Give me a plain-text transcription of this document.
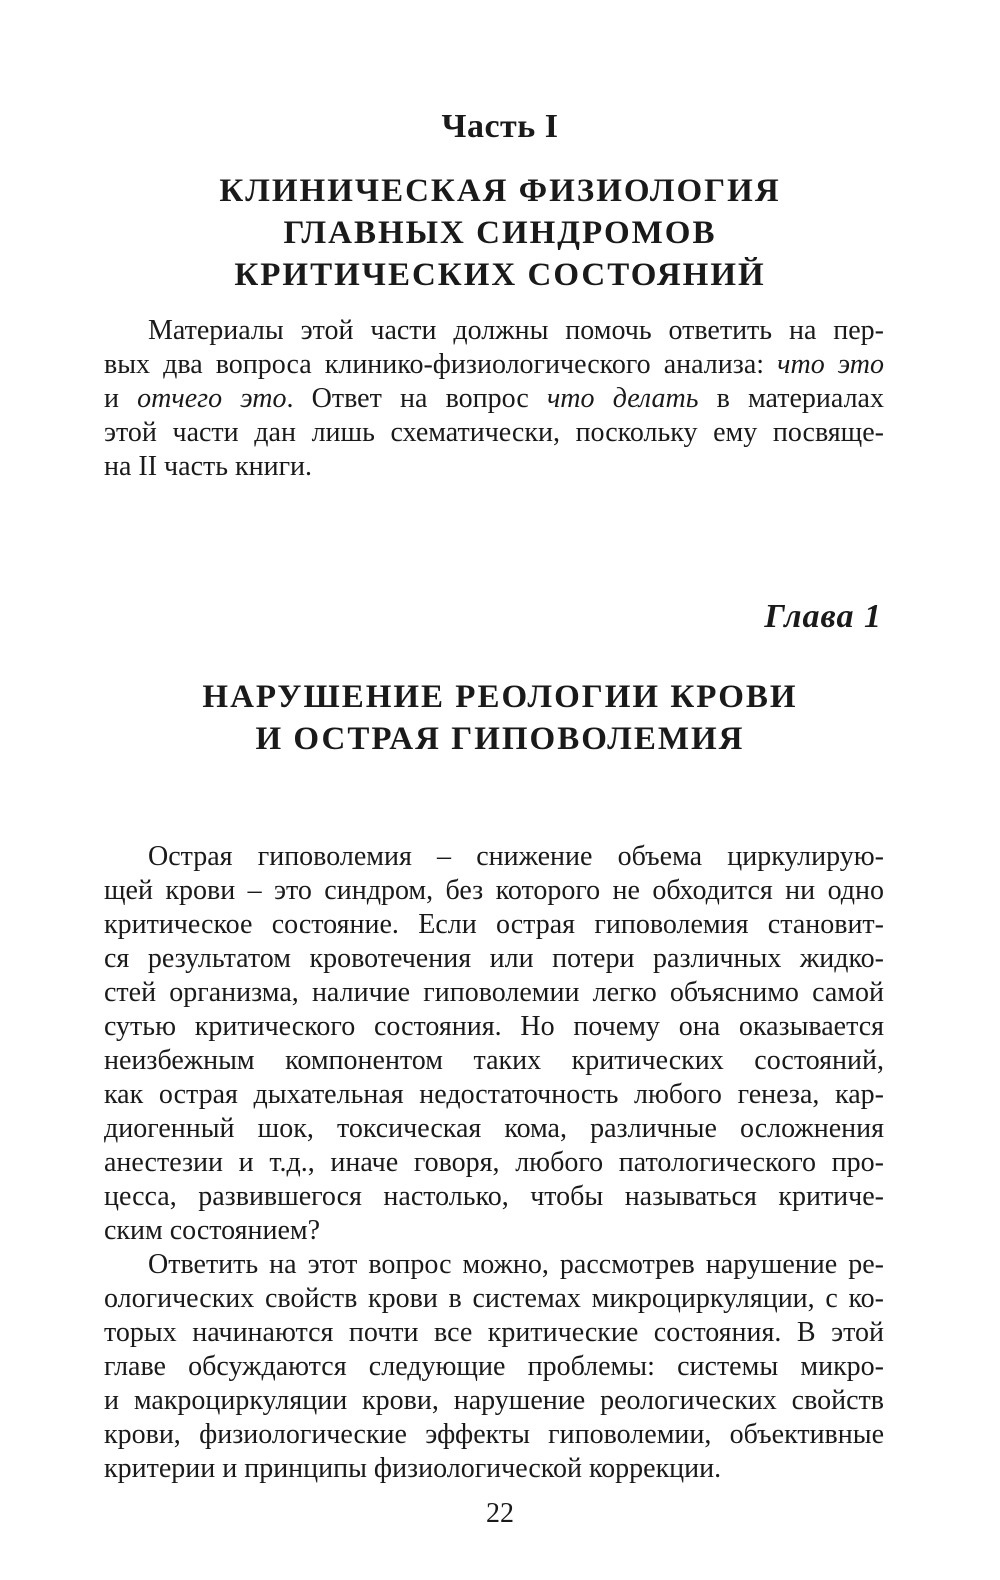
Часть I
КЛИНИЧЕСКАЯ ФИЗИОЛОГИЯ
ГЛАВНЫХ СИНДРОМОВ
КРИТИЧЕСКИХ СОСТОЯНИЙ
Материалы этой части должны помочь ответить на пер-
вых два вопроса клинико-физиологического анализа: что это
и отчего это. Ответ на вопрос что делать в материалах
этой части дан лишь схематически, поскольку ему посвяще-
на II часть книги.
Глава 1
НАРУШЕНИЕ РЕОЛОГИИ КРОВИ
И ОСТРАЯ ГИПОВОЛЕМИЯ
Острая гиповолемия – снижение объема циркулирую-
щей крови – это синдром, без которого не обходится ни одно
критическое состояние. Если острая гиповолемия становит-
ся результатом кровотечения или потери различных жидко-
стей организма, наличие гиповолемии легко объяснимо самой
сутью критического состояния. Но почему она оказывается
неизбежным компонентом таких критических состояний,
как острая дыхательная недостаточность любого генеза, кар-
диогенный шок, токсическая кома, различные осложнения
анестезии и т.д., иначе говоря, любого патологического про-
цесса, развившегося настолько, чтобы называться критиче-
ским состоянием?
Ответить на этот вопрос можно, рассмотрев нарушение ре-
ологических свойств крови в системах микроциркуляции, с ко-
торых начинаются почти все критические состояния. В этой
главе обсуждаются следующие проблемы: системы микро-
и макроциркуляции крови, нарушение реологических свойств
крови, физиологические эффекты гиповолемии, объективные
критерии и принципы физиологической коррекции.
22
